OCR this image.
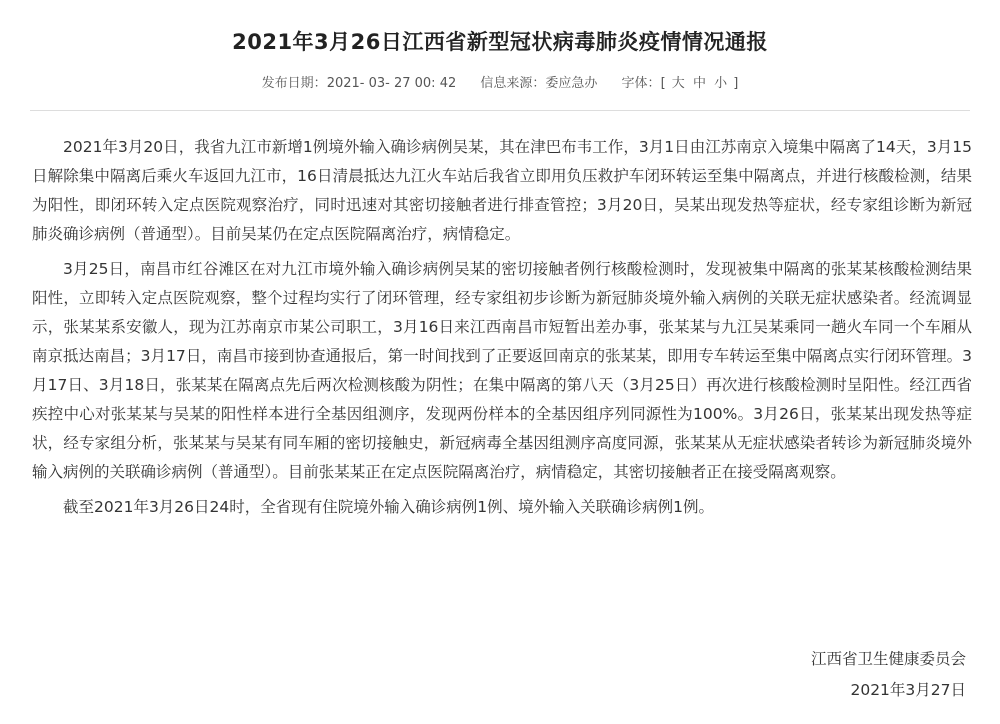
2021年3月26日江西省新型冠状病毒肺炎疫情情况通报
发布日期：2021- 03- 27 00: 42 信息来源：委应急办 字体：[ 大 中 小 ]

2021年3月20日，我省九江市新增1例境外输入确诊病例吴某，其在津巴布韦工作，3月1日由江苏南京入境集中隔离了14天，3月15日解除集中隔离后乘火车返回九江市，16日清晨抵达九江火车站后我省立即用负压救护车闭环转运至集中隔离点，并进行核酸检测，结果为阳性，即闭环转入定点医院观察治疗，同时迅速对其密切接触者进行排查管控；3月20日，吴某出现发热等症状，经专家组诊断为新冠肺炎确诊病例（普通型）。目前吴某仍在定点医院隔离治疗，病情稳定。

3月25日，南昌市红谷滩区在对九江市境外输入确诊病例吴某的密切接触者例行核酸检测时，发现被集中隔离的张某某核酸检测结果阳性，立即转入定点医院观察，整个过程均实行了闭环管理，经专家组初步诊断为新冠肺炎境外输入病例的关联无症状感染者。经流调显示，张某某系安徽人，现为江苏南京市某公司职工，3月16日来江西南昌市短暂出差办事，张某某与九江吴某乘同一趟火车同一个车厢从南京抵达南昌；3月17日，南昌市接到协查通报后，第一时间找到了正要返回南京的张某某，即用专车转运至集中隔离点实行闭环管理。3月17日、3月18日，张某某在隔离点先后两次检测核酸为阴性；在集中隔离的第八天（3月25日）再次进行核酸检测时呈阳性。经江西省疾控中心对张某某与吴某的阳性样本进行全基因组测序，发现两份样本的全基因组序列同源性为100%。3月26日，张某某出现发热等症状，经专家组分析，张某某与吴某有同车厢的密切接触史，新冠病毒全基因组测序高度同源，张某某从无症状感染者转诊为新冠肺炎境外输入病例的关联确诊病例（普通型）。目前张某某正在定点医院隔离治疗，病情稳定，其密切接触者正在接受隔离观察。

截至2021年3月26日24时，全省现有住院境外输入确诊病例1例、境外输入关联确诊病例1例。

江西省卫生健康委员会
2021年3月27日
